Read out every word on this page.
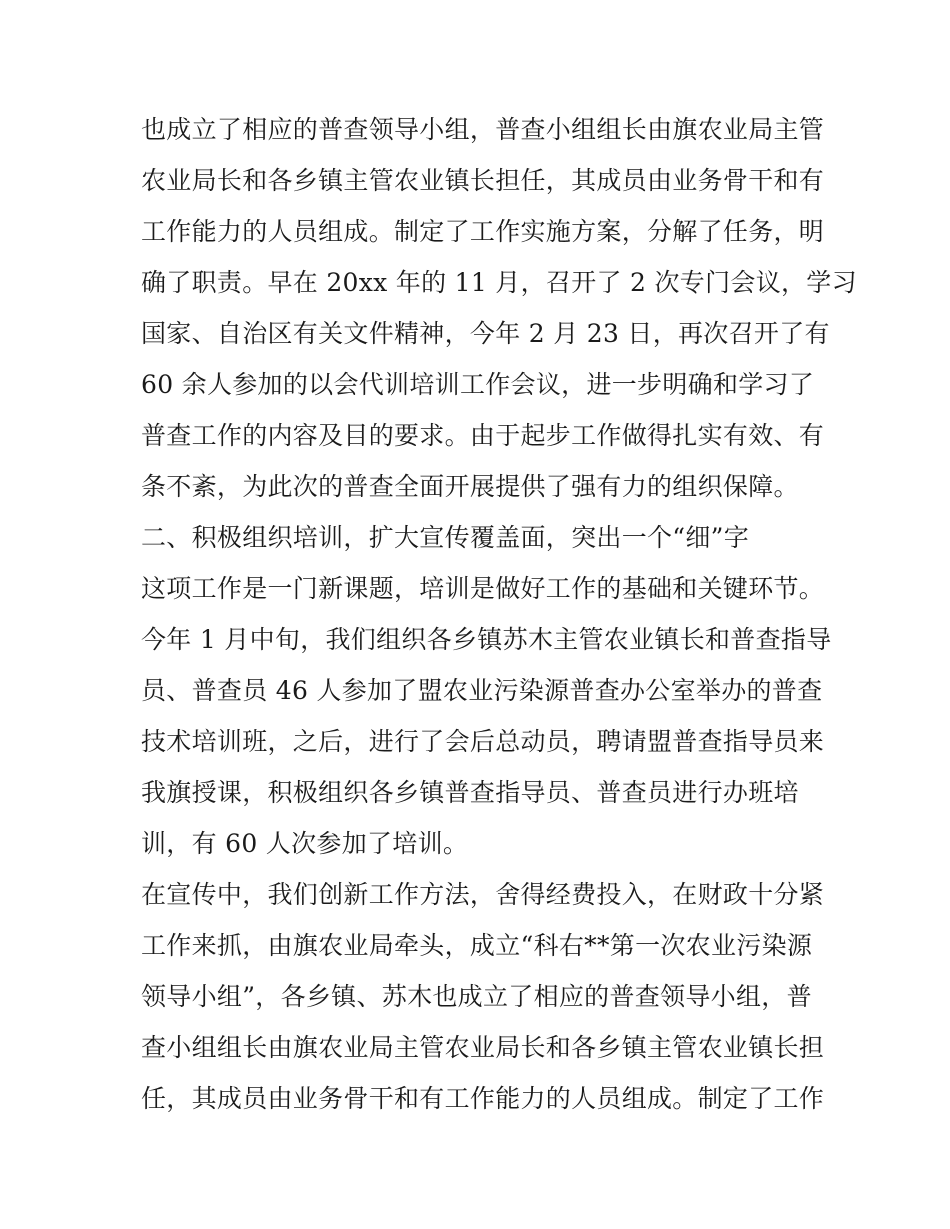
也成立了相应的普查领导小组，普查小组组长由旗农业局主管
农业局长和各乡镇主管农业镇长担任，其成员由业务骨干和有
工作能力的人员组成。制定了工作实施方案，分解了任务，明
确了职责。早在 20xx 年的 11 月，召开了 2 次专门会议，学习
国家、自治区有关文件精神，今年 2 月 23 日，再次召开了有
60 余人参加的以会代训培训工作会议，进一步明确和学习了
普查工作的内容及目的要求。由于起步工作做得扎实有效、有
条不紊，为此次的普查全面开展提供了强有力的组织保障。
二、积极组织培训，扩大宣传覆盖面，突出一个“细”字
这项工作是一门新课题，培训是做好工作的基础和关键环节。
今年 1 月中旬，我们组织各乡镇苏木主管农业镇长和普查指导
员、普查员 46 人参加了盟农业污染源普查办公室举办的普查
技术培训班，之后，进行了会后总动员，聘请盟普查指导员来
我旗授课，积极组织各乡镇普查指导员、普查员进行办班培
训，有 60 人次参加了培训。
在宣传中，我们创新工作方法，舍得经费投入，在财政十分紧
工作来抓，由旗农业局牵头，成立“科右**第一次农业污染源
领导小组”，各乡镇、苏木也成立了相应的普查领导小组，普
查小组组长由旗农业局主管农业局长和各乡镇主管农业镇长担
任，其成员由业务骨干和有工作能力的人员组成。制定了工作
